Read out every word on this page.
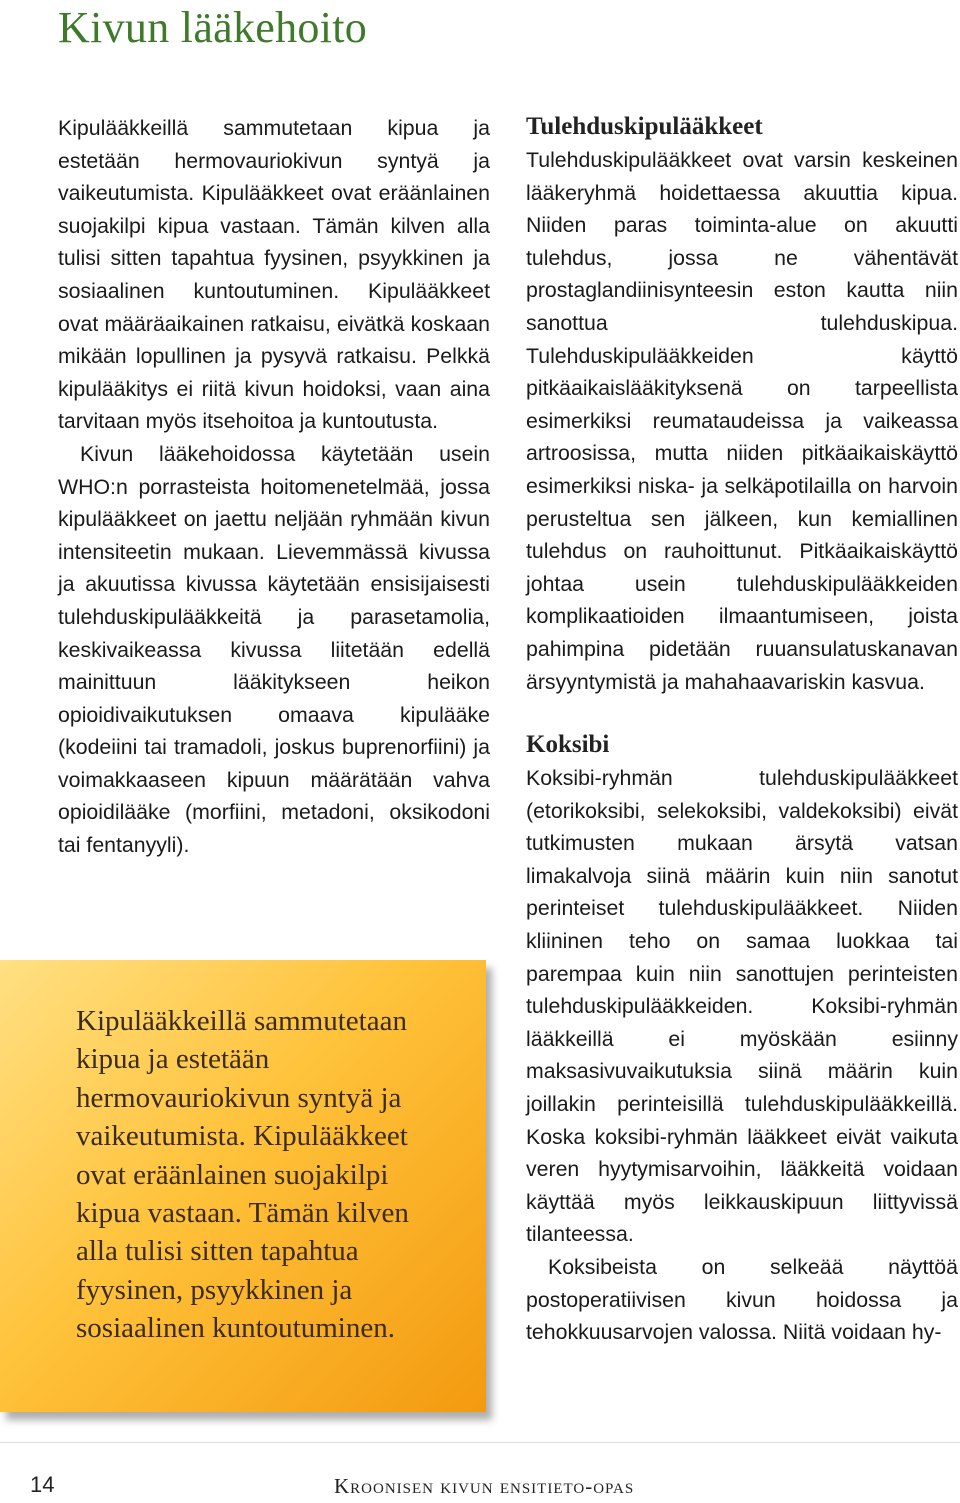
Kivun lääkehoito

Kipulääkkeillä sammutetaan kipua ja estetään hermovauriokivun syntyä ja vaikeutumista. Kipulääkkeet ovat eräänlainen suojakilpi kipua vastaan. Tämän kilven alla tulisi sitten tapahtua fyysinen, psyykkinen ja sosiaalinen kuntoutuminen. Kipulääkkeet ovat määräaikainen ratkaisu, eivätkä koskaan mikään lopullinen ja pysyvä ratkaisu. Pelkkä kipulääkitys ei riitä kivun hoidoksi, vaan aina tarvitaan myös itsehoitoa ja kuntoutusta.

Kivun lääkehoidossa käytetään usein WHO:n porrasteista hoitomenetelmää, jossa kipulääkkeet on jaettu neljään ryhmään kivun intensiteetin mukaan. Lievemmässä kivussa ja akuutissa kivussa käytetään ensisijaisesti tulehduskipulääkkeitä ja parasetamolia, keskivaikeassa kivussa liitetään edellä mainittuun lääkitykseen heikon opioidivaikutuksen omaava kipulääke (kodeiini tai tramadoli, joskus buprenorfiini) ja voimakkaaseen kipuun määrätään vahva opioidilääke (morfiini, metadoni, oksikodoni tai fentanyyli).

Kipulääkkeillä sammutetaan kipua ja estetään hermovauriokivun syntyä ja vaikeutumista. Kipulääkkeet ovat eräänlainen suojakilpi kipua vastaan. Tämän kilven alla tulisi sitten tapahtua fyysinen, psyykkinen ja sosiaalinen kuntoutuminen.

Tulehduskipulääkkeet

Tulehduskipulääkkeet ovat varsin keskeinen lääkeryhmä hoidettaessa akuuttia kipua. Niiden paras toiminta-alue on akuutti tulehdus, jossa ne vähentävät prostaglandiinisynteesin eston kautta niin sanottua tulehduskipua. Tulehduskipulääkkeiden käyttö pitkäaikaislääkityksenä on tarpeellista esimerkiksi reumataudeissa ja vaikeassa artroosissa, mutta niiden pitkäaikaiskäyttö esimerkiksi niska- ja selkäpotilailla on harvoin perusteltua sen jälkeen, kun kemiallinen tulehdus on rauhoittunut. Pitkäaikaiskäyttö johtaa usein tulehduskipulääkkeiden komplikaatioiden ilmaantumiseen, joista pahimpina pidetään ruuansulatuskanavan ärsyyntymistä ja mahahaavariskin kasvua.

Koksibi

Koksibi-ryhmän tulehduskipulääkkeet (etorikoksibi, selekoksibi, valdekoksibi) eivät tutkimusten mukaan ärsytä vatsan limakalvoja siinä määrin kuin niin sanotut perinteiset tulehduskipulääkkeet. Niiden kliininen teho on samaa luokkaa tai parempaa kuin niin sanottujen perinteisten tulehduskipulääkkeiden. Koksibi-ryhmän lääkkeillä ei myöskään esiinny maksasivuvaikutuksia siinä määrin kuin joillakin perinteisillä tulehduskipulääkkeillä. Koska koksibi-ryhmän lääkkeet eivät vaikuta veren hyytymisarvoihin, lääkkeitä voidaan käyttää myös leikkauskipuun liittyvissä tilanteessa.

Koksibeista on selkeää näyttöä postoperatiivisen kivun hoidossa ja tehokkuusarvojen valossa. Niitä voidaan hy-

14	Kroonisen kivun ensitieto-opas
